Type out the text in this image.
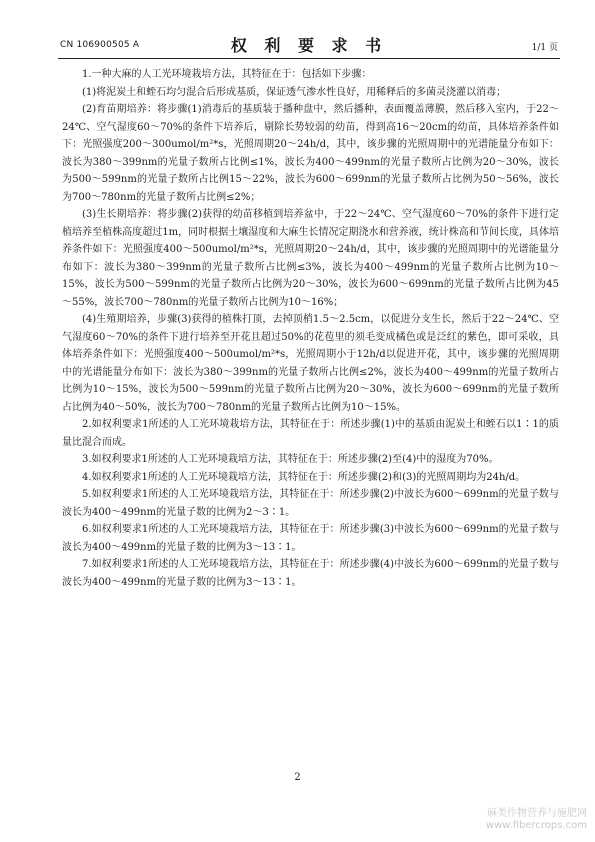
CN 106900505 A	权 利 要 求 书	1/1 页

1.一种大麻的人工光环境栽培方法，其特征在于：包括如下步骤：

(1)将泥炭土和蛭石均匀混合后形成基质，保证透气渗水性良好，用稀释后的多菌灵浇灌以消毒；

(2)育苗期培养：将步骤(1)消毒后的基质装于播种盘中，然后播种，表面覆盖薄膜，然后移入室内，于22～24℃、空气湿度60～70%的条件下培养后，剔除长势较弱的幼苗，得到高16～20cm的幼苗，具体培养条件如下：光照强度200～300umol/m²*s，光照周期20～24h/d，其中，该步骤的光照周期中的光谱能量分布如下：波长为380～399nm的光量子数所占比例≤1%，波长为400～499nm的光量子数所占比例为20～30%，波长为500～599nm的光量子数所占比例15～22%，波长为600～699nm的光量子数所占比例为50～56%，波长为700～780nm的光量子数所占比例≤2%；

(3)生长期培养：将步骤(2)获得的幼苗移植到培养盆中，于22～24℃、空气湿度60～70%的条件下进行定植培养至植株高度超过1m，同时根据土壤湿度和大麻生长情况定期浇水和营养液，统计株高和节间长度，具体培养条件如下：光照强度400～500umol/m²*s，光照周期20～24h/d，其中，该步骤的光照周期中的光谱能量分布如下：波长为380～399nm的光量子数所占比例≤3%，波长为400～499nm的光量子数所占比例为10～15%，波长为500～599nm的光量子数所占比例为20～30%，波长为600～699nm的光量子数所占比例为45～55%，波长700～780nm的光量子数所占比例为10～16%；

(4)生殖期培养，步骤(3)获得的植株打顶，去掉顶梢1.5～2.5cm，以促进分支生长，然后于22～24℃、空气湿度60～70%的条件下进行培养至开花且超过50%的花苞里的须毛变成橘色或是泛红的紫色，即可采收，具体培养条件如下：光照强度400～500umol/m²*s，光照周期小于12h/d以促进开花，其中，该步骤的光照周期中的光谱能量分布如下：波长为380～399nm的光量子数所占比例≤2%，波长为400～499nm的光量子数所占比例为10～15%，波长为500～599nm的光量子数所占比例为20～30%，波长为600～699nm的光量子数所占比例为40～50%，波长为700～780nm的光量子数所占比例为10～15%。

2.如权利要求1所述的人工光环境栽培方法，其特征在于：所述步骤(1)中的基质由泥炭土和蛭石以1∶1的质量比混合而成。

3.如权利要求1所述的人工光环境栽培方法，其特征在于：所述步骤(2)至(4)中的湿度为70%。

4.如权利要求1所述的人工光环境栽培方法，其特征在于：所述步骤(2)和(3)的光照周期均为24h/d。

5.如权利要求1所述的人工光环境栽培方法，其特征在于：所述步骤(2)中波长为600～699nm的光量子数与波长为400～499nm的光量子数的比例为2～3∶1。

6.如权利要求1所述的人工光环境栽培方法，其特征在于：所述步骤(3)中波长为600～699nm的光量子数与波长为400～499nm的光量子数的比例为3～13∶1。

7.如权利要求1所述的人工光环境栽培方法，其特征在于：所述步骤(4)中波长为600～699nm的光量子数与波长为400～499nm的光量子数的比例为3～13∶1。

2
麻类作物营养与施肥网
www.fibercrops.com
